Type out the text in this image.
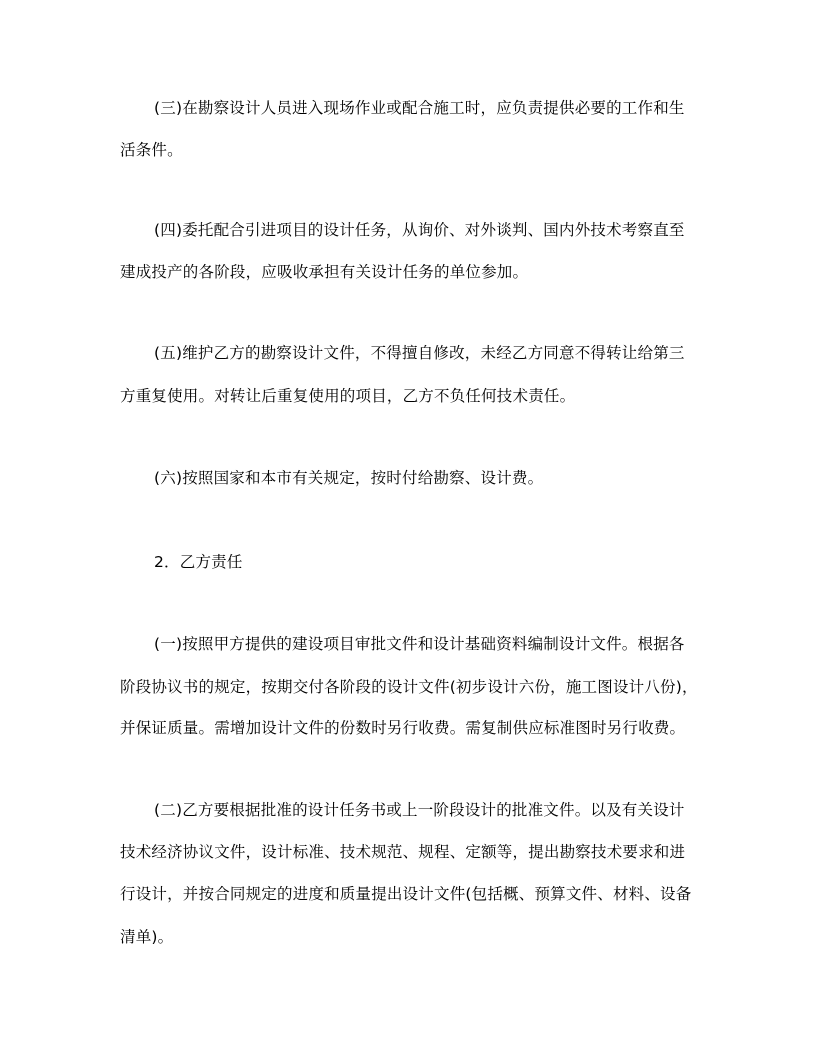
(三)在勘察设计人员进入现场作业或配合施工时，应负责提供必要的工作和生
活条件。
(四)委托配合引进项目的设计任务，从询价、对外谈判、国内外技术考察直至
建成投产的各阶段，应吸收承担有关设计任务的单位参加。
(五)维护乙方的勘察设计文件，不得擅自修改，未经乙方同意不得转让给第三
方重复使用。对转让后重复使用的项目，乙方不负任何技术责任。
(六)按照国家和本市有关规定，按时付给勘察、设计费。
2．乙方责任
(一)按照甲方提供的建设项目审批文件和设计基础资料编制设计文件。根据各
阶段协议书的规定，按期交付各阶段的设计文件(初步设计六份，施工图设计八份)，
并保证质量。需增加设计文件的份数时另行收费。需复制供应标准图时另行收费。
(二)乙方要根据批准的设计任务书或上一阶段设计的批准文件。以及有关设计
技术经济协议文件，设计标准、技术规范、规程、定额等，提出勘察技术要求和进
行设计，并按合同规定的进度和质量提出设计文件(包括概、预算文件、材料、设备
清单)。
